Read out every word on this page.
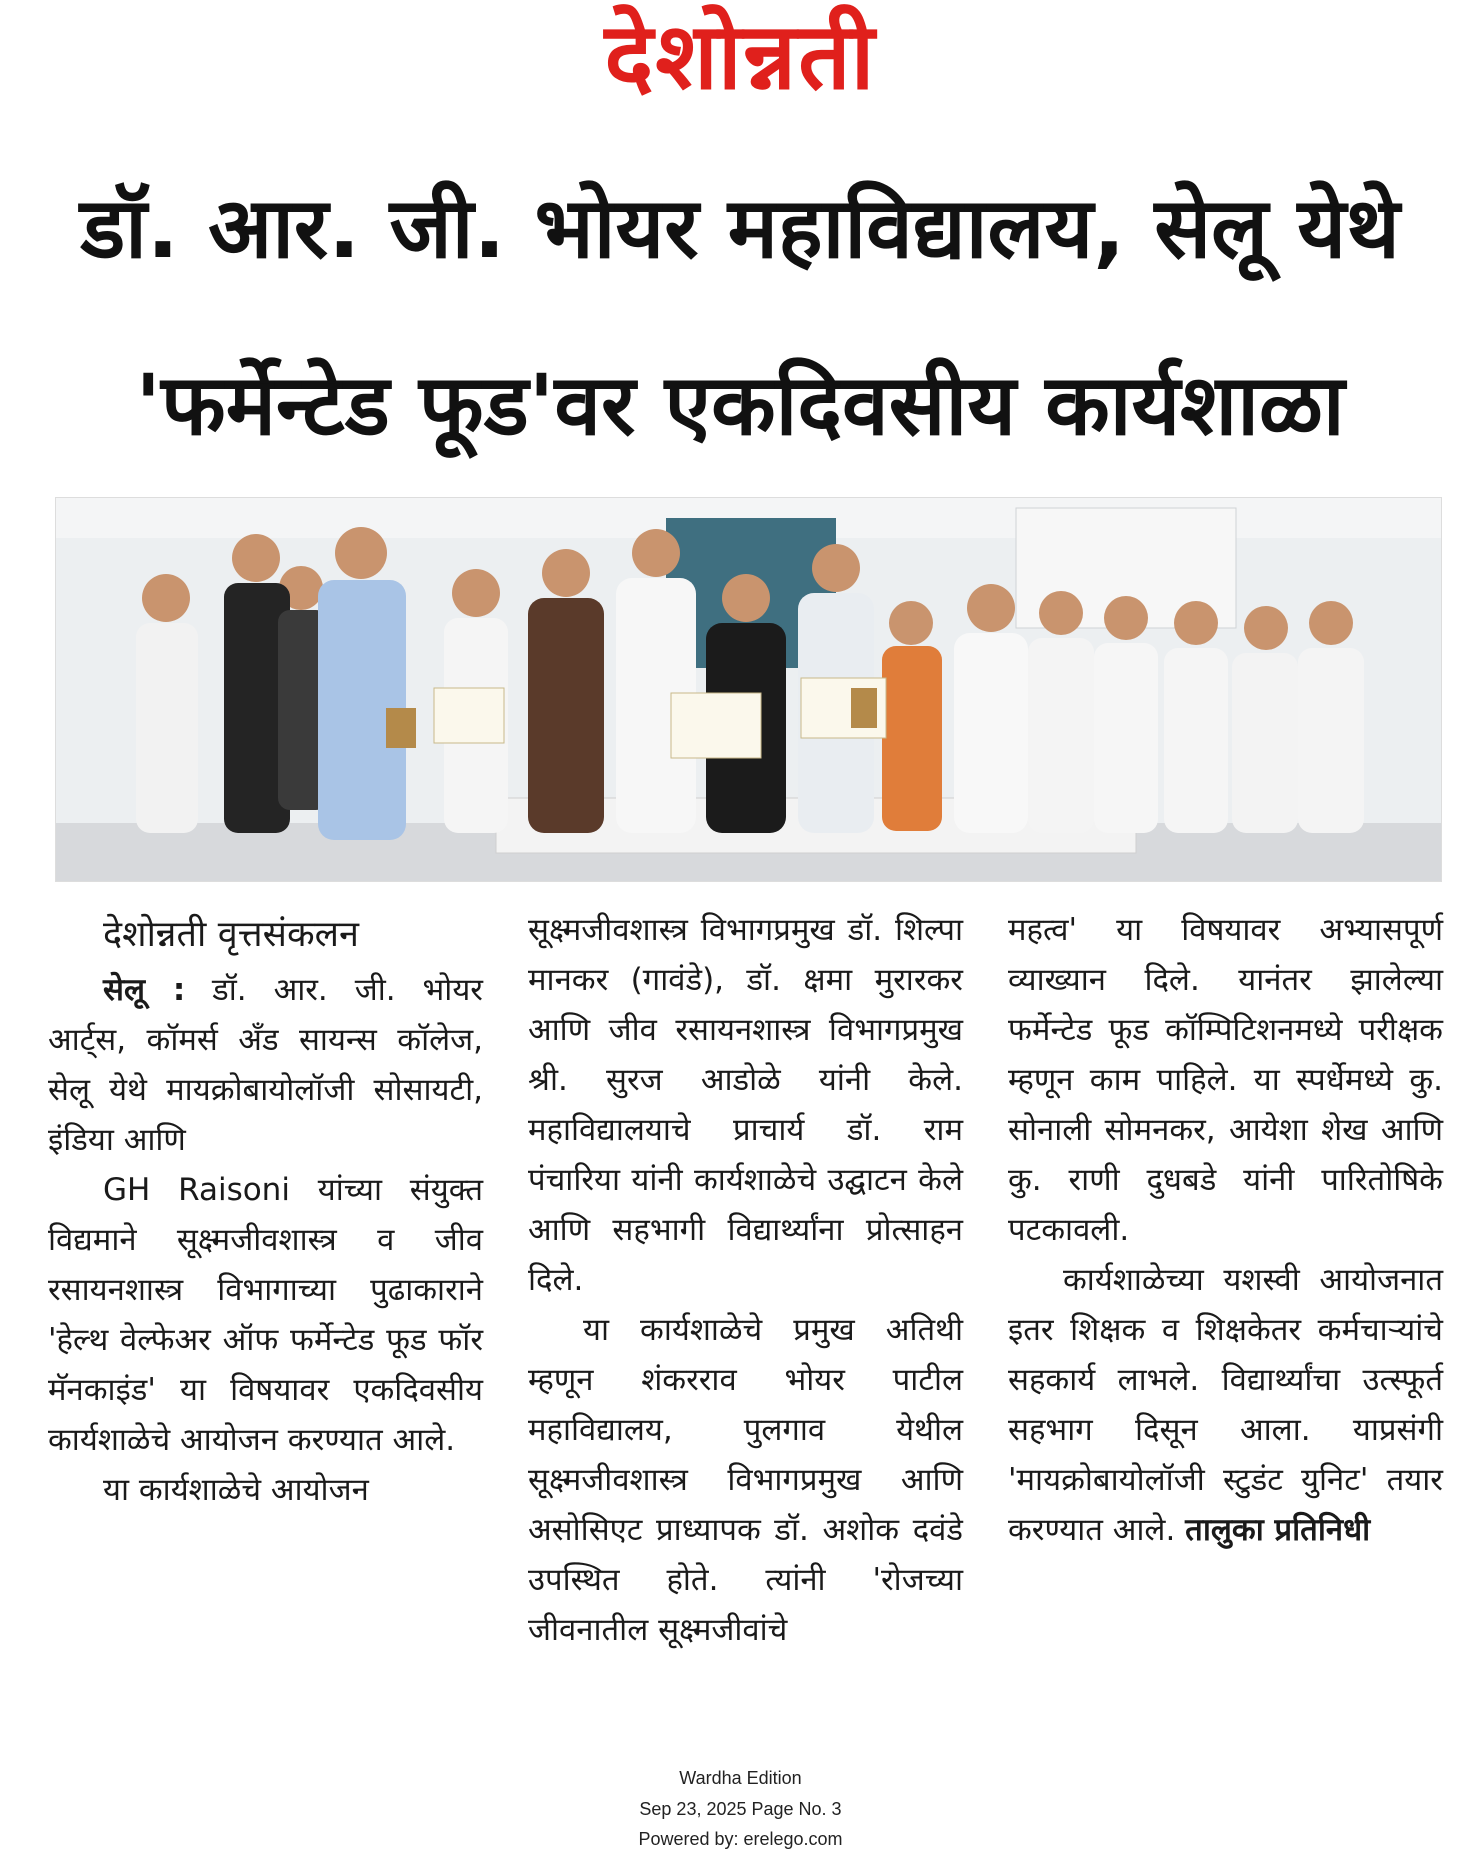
देशोन्नती
डॉ. आर. जी. भोयर महाविद्यालय, सेलू येथे
'फर्मेन्टेड फूड'वर एकदिवसीय कार्यशाळा

देशोन्नती वृत्तसंकलन

सेलू : डॉ. आर. जी. भोयर आर्ट्स, कॉमर्स अँड सायन्स कॉलेज, सेलू येथे मायक्रोबायोलॉजी सोसायटी, इंडिया आणि

GH Raisoni यांच्या संयुक्त विद्यमाने सूक्ष्मजीवशास्त्र व जीव रसायनशास्त्र विभागाच्या पुढाकाराने 'हेल्थ वेल्फेअर ऑफ फर्मेन्टेड फूड फॉर मॅनकाइंड' या विषयावर एकदिवसीय कार्यशाळेचे आयोजन करण्यात आले.

या कार्यशाळेचे आयोजन

सूक्ष्मजीवशास्त्र विभागप्रमुख डॉ. शिल्पा मानकर (गावंडे), डॉ. क्षमा मुरारकर आणि जीव रसायनशास्त्र विभागप्रमुख श्री. सुरज आडोळे यांनी केले. महाविद्यालयाचे प्राचार्य डॉ. राम पंचारिया यांनी कार्यशाळेचे उद्घाटन केले आणि सहभागी विद्यार्थ्यांना प्रोत्साहन दिले.

या कार्यशाळेचे प्रमुख अतिथी म्हणून शंकरराव भोयर पाटील महाविद्यालय, पुलगाव येथील सूक्ष्मजीवशास्त्र विभागप्रमुख आणि असोसिएट प्राध्यापक डॉ. अशोक दवंडे उपस्थित होते. त्यांनी 'रोजच्या जीवनातील सूक्ष्मजीवांचे

महत्व' या विषयावर अभ्यासपूर्ण व्याख्यान दिले. यानंतर झालेल्या फर्मेन्टेड फूड कॉम्पिटिशनमध्ये परीक्षक म्हणून काम पाहिले. या स्पर्धेमध्ये कु. सोनाली सोमनकर, आयेशा शेख आणि कु. राणी दुधबडे यांनी पारितोषिके पटकावली.

कार्यशाळेच्या यशस्वी आयोजनात इतर शिक्षक व शिक्षकेतर कर्मचाऱ्यांचे सहकार्य लाभले. विद्यार्थ्यांचा उत्स्फूर्त सहभाग दिसून आला. याप्रसंगी 'मायक्रोबायोलॉजी स्टुडंट युनिट' तयार करण्यात आले. तालुका प्रतिनिधी

Wardha Edition
Sep 23, 2025 Page No. 3
Powered by: erelego.com
